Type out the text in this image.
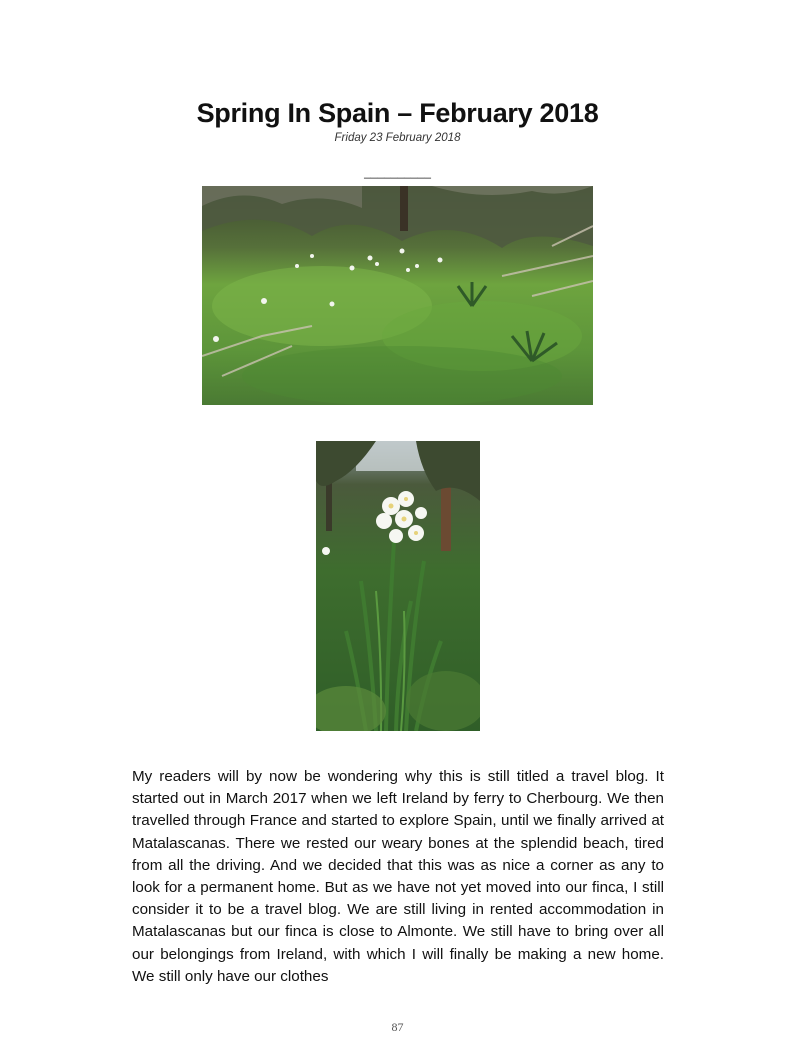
Spring In Spain – February 2018
Friday 23 February 2018
__________

My readers will by now be wondering why this is still titled a travel blog. It started out in March 2017 when we left Ireland by ferry to Cherbourg. We then travelled through France and started to explore Spain, until we finally arrived at Matalascanas. There we rested our weary bones at the splendid beach, tired from all the driving. And we decided that this was as nice a corner as any to look for a permanent home. But as we have not yet moved into our finca, I still consider it to be a travel blog. We are still living in rented accommodation in Matalascanas but our finca is close to Almonte. We still have to bring over all our belongings from Ireland, with which I will finally be making a new home. We still only have our clothes

87
